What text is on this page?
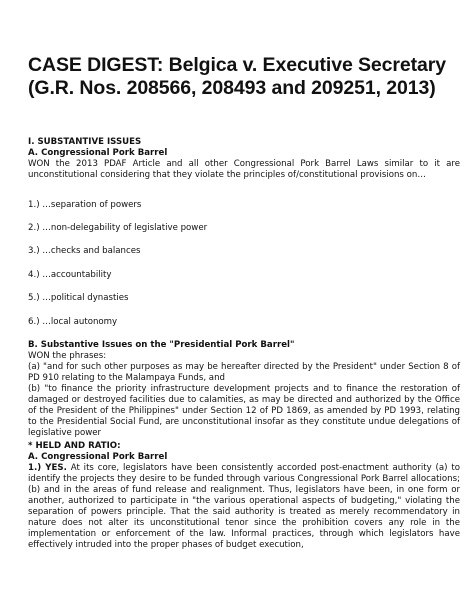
CASE DIGEST: Belgica v. Executive Secretary (G.R. Nos. 208566, 208493 and 209251, 2013)
I. SUBSTANTIVE ISSUES
A. Congressional Pork Barrel
WON the 2013 PDAF Article and all other Congressional Pork Barrel Laws similar to it are unconstitutional considering that they violate the principles of/constitutional provisions on…
1.) …separation of powers
2.) …non-delegability of legislative power
3.) …checks and balances
4.) …accountability
5.) …political dynasties
6.) …local autonomy
B. Substantive Issues on the "Presidential Pork Barrel"
WON the phrases:
(a) "and for such other purposes as may be hereafter directed by the President" under Section 8 of PD 910 relating to the Malampaya Funds, and
(b) "to finance the priority infrastructure development projects and to finance the restoration of damaged or destroyed facilities due to calamities, as may be directed and authorized by the Office of the President of the Philippines" under Section 12 of PD 1869, as amended by PD 1993, relating to the Presidential Social Fund, are unconstitutional insofar as they constitute undue delegations of legislative power
* HELD AND RATIO:
A. Congressional Pork Barrel
1.) YES. At its core, legislators have been consistently accorded post-enactment authority (a) to identify the projects they desire to be funded through various Congressional Pork Barrel allocations; (b) and in the areas of fund release and realignment. Thus, legislators have been, in one form or another, authorized to participate in "the various operational aspects of budgeting," violating the separation of powers principle. That the said authority is treated as merely recommendatory in nature does not alter its unconstitutional tenor since the prohibition covers any role in the implementation or enforcement of the law. Informal practices, through which legislators have effectively intruded into the proper phases of budget execution,
